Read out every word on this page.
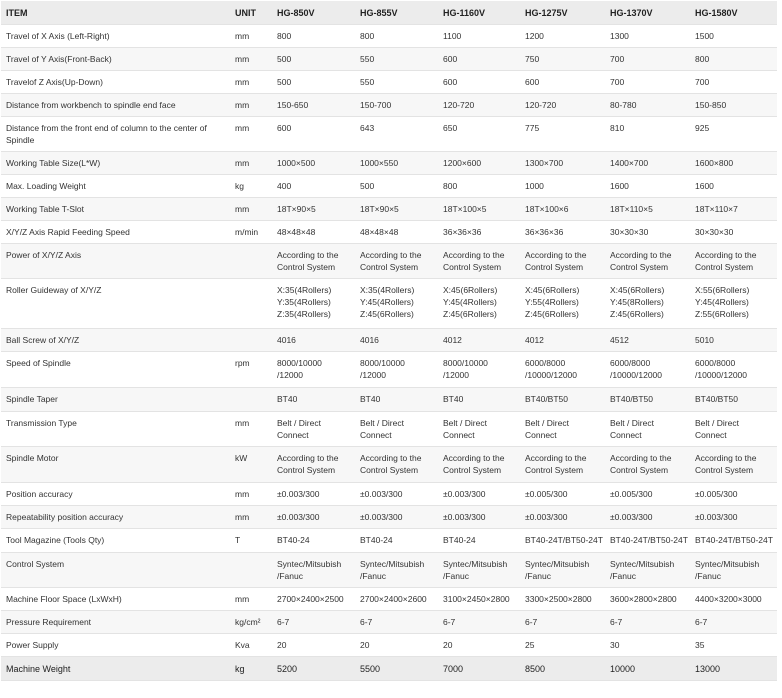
ITEM	UNIT	HG-850V	HG-855V	HG-1160V	HG-1275V	HG-1370V	HG-1580V

Travel of X Axis (Left-Right)	mm	800	800	1100	1200	1300	1500

Travel of Y Axis(Front-Back)	mm	500	550	600	750	700	800

Travelof Z Axis(Up-Down)	mm	500	550	600	600	700	700

Distance from workbench to spindle end face	mm	150-650	150-700	120-720	120-720	80-780	150-850

Distance from the front end of column to the center of
Spindle	mm	600	643	650	775	810	925

Working Table Size(L*W)	mm	1000×500	1000×550	1200×600	1300×700	1400×700	1600×800

Max. Loading Weight	kg	400	500	800	1000	1600	1600

Working Table T-Slot	mm	18T×90×5	18T×90×5	18T×100×5	18T×100×6	18T×110×5	18T×110×7

X/Y/Z Axis Rapid Feeding Speed	m/min	48×48×48	48×48×48	36×36×36	36×36×36	30×30×30	30×30×30

Power of X/Y/Z Axis		According to the
Control System	According to the
Control System	According to the
Control System	According to the
Control System	According to the
Control System	According to the
Control System

Roller Guideway of X/Y/Z		X:35(4Rollers)
Y:35(4Rollers)
Z:35(4Rollers)	X:35(4Rollers)
Y:45(4Rollers)
Z:45(6Rollers)	X:45(6Rollers)
Y:45(4Rollers)
Z:45(6Rollers)	X:45(6Rollers)
Y:55(4Rollers)
Z:45(6Rollers)	X:45(6Rollers)
Y:45(8Rollers)
Z:45(6Rollers)	X:55(6Rollers)
Y:45(4Rollers)
Z:55(6Rollers)

Ball Screw of X/Y/Z		4016	4016	4012	4012	4512	5010

Speed of Spindle	rpm	8000/10000
/12000	8000/10000
/12000	8000/10000
/12000	6000/8000
/10000/12000	6000/8000
/10000/12000	6000/8000
/10000/12000

Spindle Taper		BT40	BT40	BT40	BT40/BT50	BT40/BT50	BT40/BT50

Transmission Type	mm	Belt / Direct
Connect	Belt / Direct
Connect	Belt / Direct
Connect	Belt / Direct
Connect	Belt / Direct
Connect	Belt / Direct
Connect

Spindle Motor	kW	According to the
Control System	According to the
Control System	According to the
Control System	According to the
Control System	According to the
Control System	According to the
Control System

Position accuracy	mm	±0.003/300	±0.003/300	±0.003/300	±0.005/300	±0.005/300	±0.005/300

Repeatability position accuracy	mm	±0.003/300	±0.003/300	±0.003/300	±0.003/300	±0.003/300	±0.003/300

Tool Magazine (Tools Qty)	T	BT40-24	BT40-24	BT40-24	BT40-24T/BT50-24T	BT40-24T/BT50-24T	BT40-24T/BT50-24T

Control System		Syntec/Mitsubish
/Fanuc	Syntec/Mitsubish
/Fanuc	Syntec/Mitsubish
/Fanuc	Syntec/Mitsubish
/Fanuc	Syntec/Mitsubish
/Fanuc	Syntec/Mitsubish
/Fanuc

Machine Floor Space (LxWxH)	mm	2700×2400×2500	2700×2400×2600	3100×2450×2800	3300×2500×2800	3600×2800×2800	4400×3200×3000

Pressure Requirement	kg/cm²	6-7	6-7	6-7	6-7	6-7	6-7

Power Supply	Kva	20	20	20	25	30	35

Machine Weight	kg	5200	5500	7000	8500	10000	13000
